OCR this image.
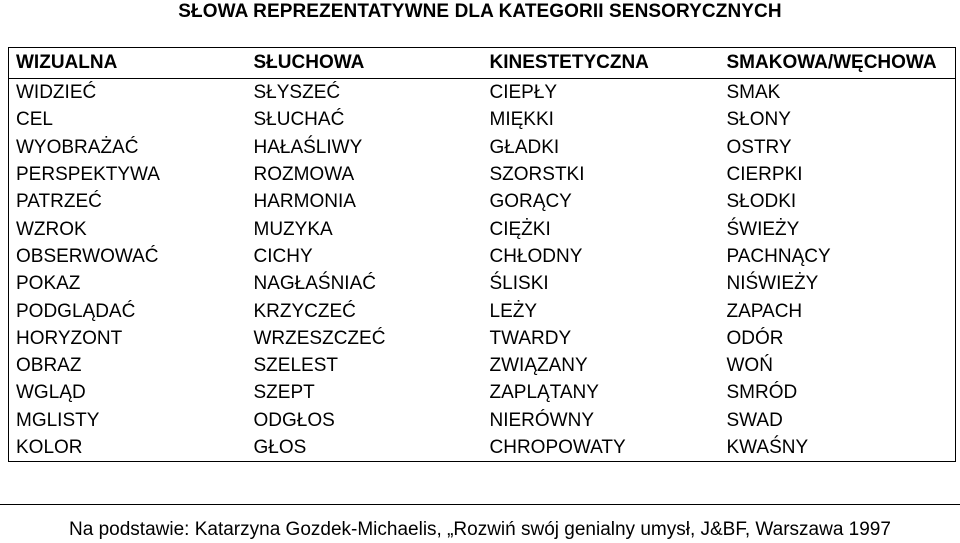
SŁOWA REPREZENTATYWNE DLA KATEGORII SENSORYCZNYCH
WIZUALNA	SŁUCHOWA	KINESTETYCZNA	SMAKOWA/WĘCHOWA
WIDZIEĆ	SŁYSZEĆ	CIEPŁY	SMAK
CEL	SŁUCHAĆ	MIĘKKI	SŁONY
WYOBRAŻAĆ	HAŁAŚLIWY	GŁADKI	OSTRY
PERSPEKTYWA	ROZMOWA	SZORSTKI	CIERPKI
PATRZEĆ	HARMONIA	GORĄCY	SŁODKI
WZROK	MUZYKA	CIĘŻKI	ŚWIEŻY
OBSERWOWAĆ	CICHY	CHŁODNY	PACHNĄCY
POKAZ	NAGŁAŚNIAĆ	ŚLISKI	NIŚWIEŻY
PODGLĄDAĆ	KRZYCZEĆ	LEŻY	ZAPACH
HORYZONT	WRZESZCZEĆ	TWARDY	ODÓR
OBRAZ	SZELEST	ZWIĄZANY	WOŃ
WGLĄD	SZEPT	ZAPLĄTANY	SMRÓD
MGLISTY	ODGŁOS	NIERÓWNY	SWAD
KOLOR	GŁOS	CHROPOWATY	KWAŚNY
Na podstawie: Katarzyna Gozdek-Michaelis, „Rozwiń swój genialny umysł, J&BF, Warszawa 1997
